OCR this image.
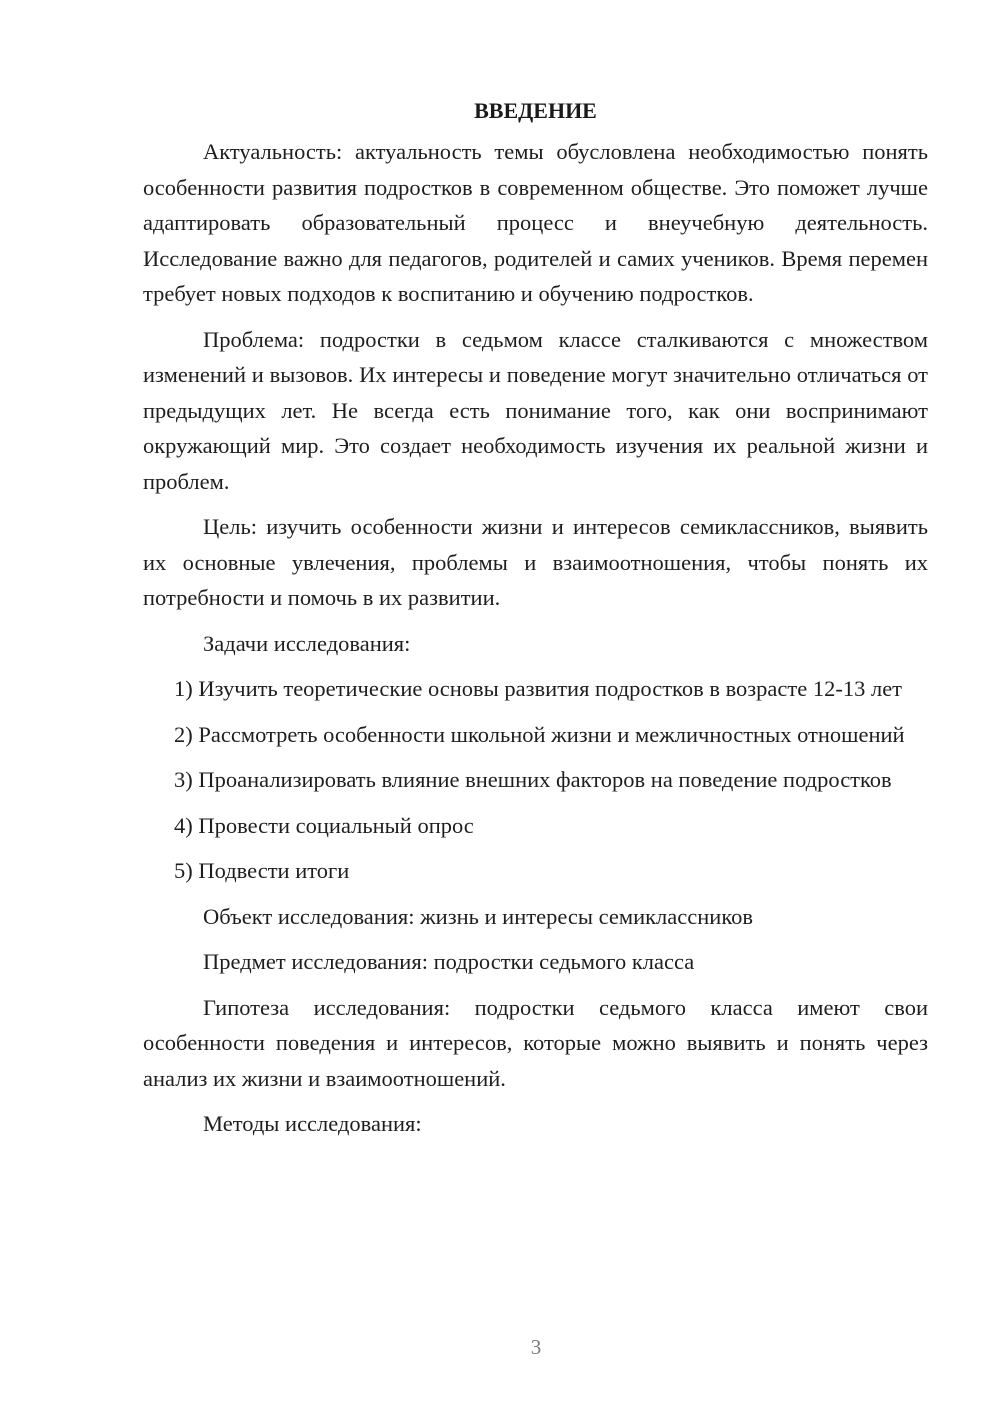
ВВЕДЕНИЕ

Актуальность: актуальность темы обусловлена необходимостью понять особенности развития подростков в современном обществе. Это поможет лучше адаптировать образовательный процесс и внеучебную деятельность. Исследование важно для педагогов, родителей и самих учеников. Время перемен требует новых подходов к воспитанию и обучению подростков.

Проблема: подростки в седьмом классе сталкиваются с множеством изменений и вызовов. Их интересы и поведение могут значительно отличаться от предыдущих лет. Не всегда есть понимание того, как они воспринимают окружающий мир. Это создает необходимость изучения их реальной жизни и проблем.

Цель: изучить особенности жизни и интересов семиклассников, выявить их основные увлечения, проблемы и взаимоотношения, чтобы понять их потребности и помочь в их развитии.

Задачи исследования:

1) Изучить теоретические основы развития подростков в возрасте 12-13 лет

2) Рассмотреть особенности школьной жизни и межличностных отношений

3) Проанализировать влияние внешних факторов на поведение подростков

4) Провести социальный опрос

5) Подвести итоги

Объект исследования: жизнь и интересы семиклассников

Предмет исследования: подростки седьмого класса

Гипотеза исследования: подростки седьмого класса имеют свои особенности поведения и интересов, которые можно выявить и понять через анализ их жизни и взаимоотношений.

Методы исследования:

3
